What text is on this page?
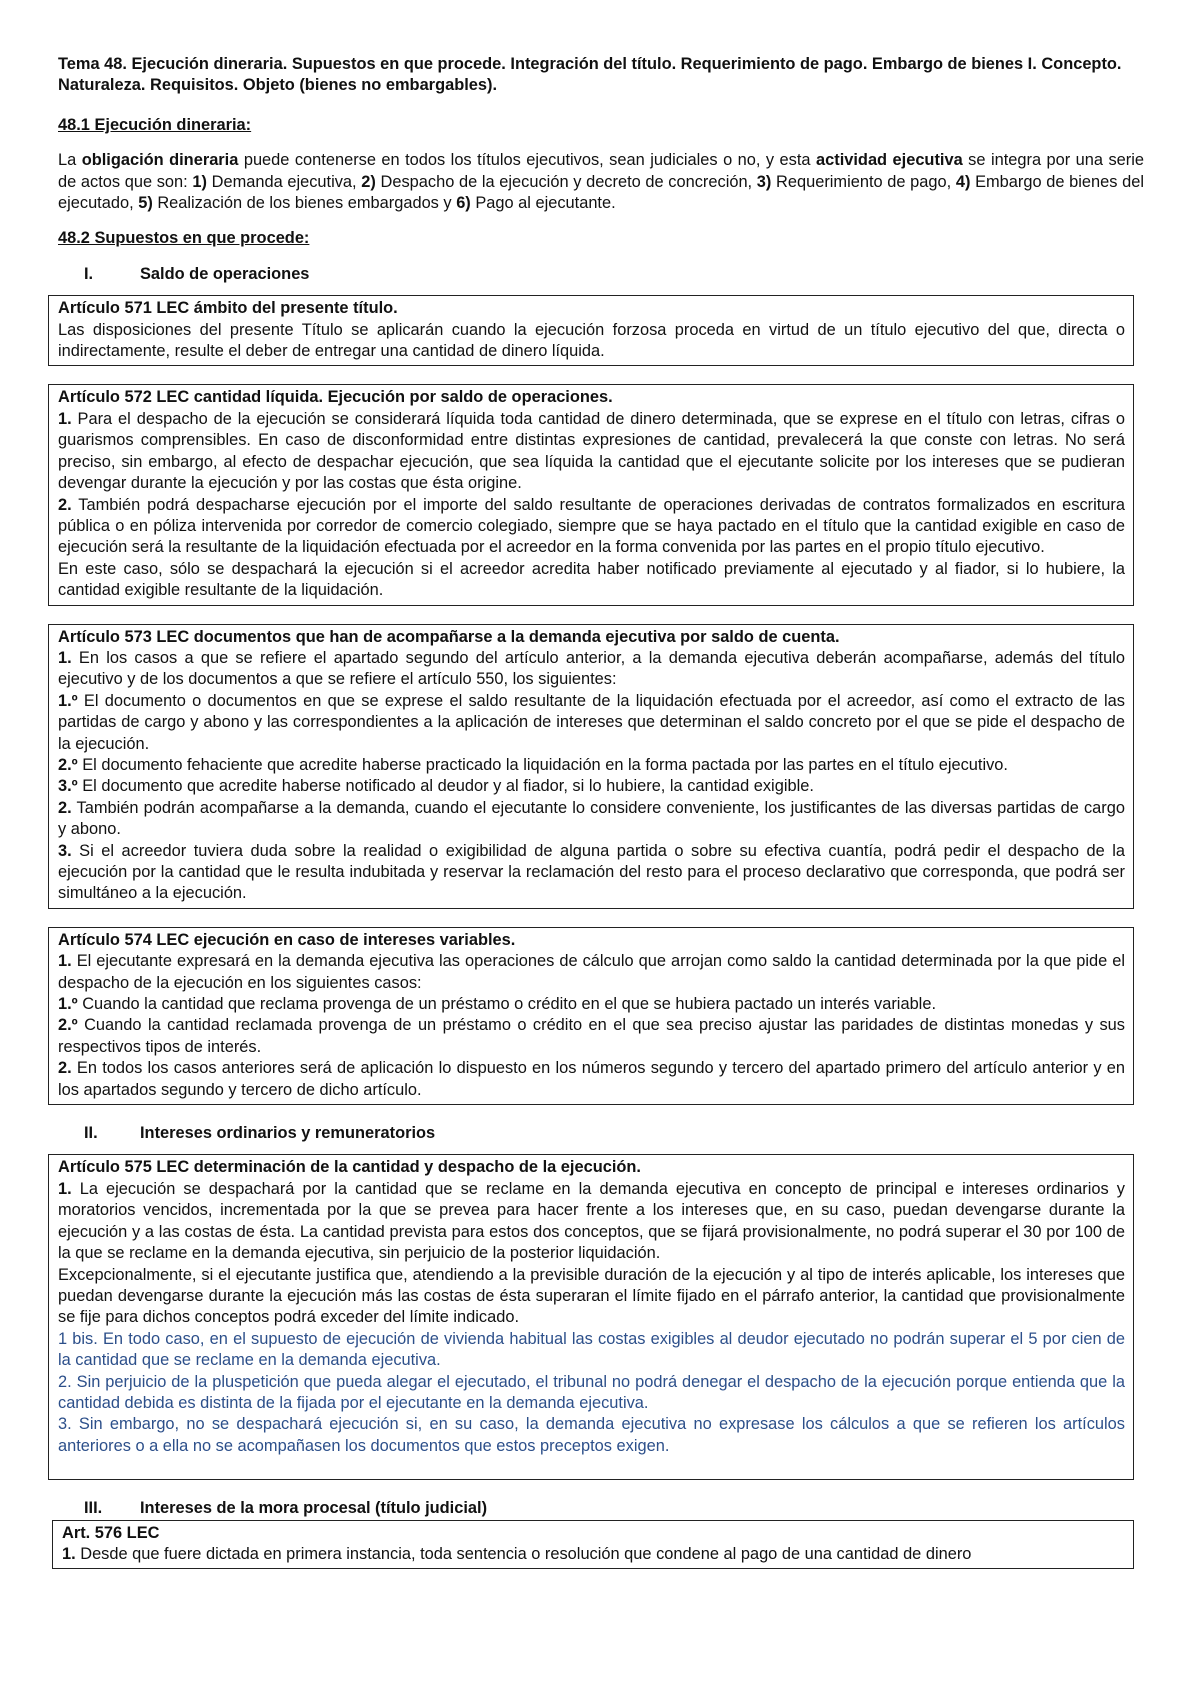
Tema 48. Ejecución dineraria. Supuestos en que procede. Integración del título. Requerimiento de pago. Embargo de bienes I. Concepto. Naturaleza. Requisitos. Objeto (bienes no embargables).

48.1 Ejecución dineraria:

La obligación dineraria puede contenerse en todos los títulos ejecutivos, sean judiciales o no, y esta actividad ejecutiva se integra por una serie de actos que son: 1) Demanda ejecutiva, 2) Despacho de la ejecución y decreto de concreción, 3) Requerimiento de pago, 4) Embargo de bienes del ejecutado, 5) Realización de los bienes embargados y 6) Pago al ejecutante.

48.2 Supuestos en que procede:

I.	Saldo de operaciones

Artículo 571 LEC ámbito del presente título.

Las disposiciones del presente Título se aplicarán cuando la ejecución forzosa proceda en virtud de un título ejecutivo del que, directa o indirectamente, resulte el deber de entregar una cantidad de dinero líquida.

Artículo 572 LEC cantidad líquida. Ejecución por saldo de operaciones.

1. Para el despacho de la ejecución se considerará líquida toda cantidad de dinero determinada, que se exprese en el título con letras, cifras o guarismos comprensibles. En caso de disconformidad entre distintas expresiones de cantidad, prevalecerá la que conste con letras. No será preciso, sin embargo, al efecto de despachar ejecución, que sea líquida la cantidad que el ejecutante solicite por los intereses que se pudieran devengar durante la ejecución y por las costas que ésta origine.

2. También podrá despacharse ejecución por el importe del saldo resultante de operaciones derivadas de contratos formalizados en escritura pública o en póliza intervenida por corredor de comercio colegiado, siempre que se haya pactado en el título que la cantidad exigible en caso de ejecución será la resultante de la liquidación efectuada por el acreedor en la forma convenida por las partes en el propio título ejecutivo.

En este caso, sólo se despachará la ejecución si el acreedor acredita haber notificado previamente al ejecutado y al fiador, si lo hubiere, la cantidad exigible resultante de la liquidación.

Artículo 573 LEC documentos que han de acompañarse a la demanda ejecutiva por saldo de cuenta.

1. En los casos a que se refiere el apartado segundo del artículo anterior, a la demanda ejecutiva deberán acompañarse, además del título ejecutivo y de los documentos a que se refiere el artículo 550, los siguientes:

1.º El documento o documentos en que se exprese el saldo resultante de la liquidación efectuada por el acreedor, así como el extracto de las partidas de cargo y abono y las correspondientes a la aplicación de intereses que determinan el saldo concreto por el que se pide el despacho de la ejecución.

2.º El documento fehaciente que acredite haberse practicado la liquidación en la forma pactada por las partes en el título ejecutivo.

3.º El documento que acredite haberse notificado al deudor y al fiador, si lo hubiere, la cantidad exigible.

2. También podrán acompañarse a la demanda, cuando el ejecutante lo considere conveniente, los justificantes de las diversas partidas de cargo y abono.

3. Si el acreedor tuviera duda sobre la realidad o exigibilidad de alguna partida o sobre su efectiva cuantía, podrá pedir el despacho de la ejecución por la cantidad que le resulta indubitada y reservar la reclamación del resto para el proceso declarativo que corresponda, que podrá ser simultáneo a la ejecución.

Artículo 574 LEC ejecución en caso de intereses variables.

1. El ejecutante expresará en la demanda ejecutiva las operaciones de cálculo que arrojan como saldo la cantidad determinada por la que pide el despacho de la ejecución en los siguientes casos:

1.º Cuando la cantidad que reclama provenga de un préstamo o crédito en el que se hubiera pactado un interés variable.

2.º Cuando la cantidad reclamada provenga de un préstamo o crédito en el que sea preciso ajustar las paridades de distintas monedas y sus respectivos tipos de interés.

2. En todos los casos anteriores será de aplicación lo dispuesto en los números segundo y tercero del apartado primero del artículo anterior y en los apartados segundo y tercero de dicho artículo.

II.	Intereses ordinarios y remuneratorios

Artículo 575 LEC determinación de la cantidad y despacho de la ejecución.

1. La ejecución se despachará por la cantidad que se reclame en la demanda ejecutiva en concepto de principal e intereses ordinarios y moratorios vencidos, incrementada por la que se prevea para hacer frente a los intereses que, en su caso, puedan devengarse durante la ejecución y a las costas de ésta. La cantidad prevista para estos dos conceptos, que se fijará provisionalmente, no podrá superar el 30 por 100 de la que se reclame en la demanda ejecutiva, sin perjuicio de la posterior liquidación.

Excepcionalmente, si el ejecutante justifica que, atendiendo a la previsible duración de la ejecución y al tipo de interés aplicable, los intereses que puedan devengarse durante la ejecución más las costas de ésta superaran el límite fijado en el párrafo anterior, la cantidad que provisionalmente se fije para dichos conceptos podrá exceder del límite indicado.

1 bis. En todo caso, en el supuesto de ejecución de vivienda habitual las costas exigibles al deudor ejecutado no podrán superar el 5 por cien de la cantidad que se reclame en la demanda ejecutiva.

2. Sin perjuicio de la pluspetición que pueda alegar el ejecutado, el tribunal no podrá denegar el despacho de la ejecución porque entienda que la cantidad debida es distinta de la fijada por el ejecutante en la demanda ejecutiva.

3. Sin embargo, no se despachará ejecución si, en su caso, la demanda ejecutiva no expresase los cálculos a que se refieren los artículos anteriores o a ella no se acompañasen los documentos que estos preceptos exigen.

III.	Intereses de la mora procesal (título judicial)

Art. 576 LEC

1. Desde que fuere dictada en primera instancia, toda sentencia o resolución que condene al pago de una cantidad de dinero
